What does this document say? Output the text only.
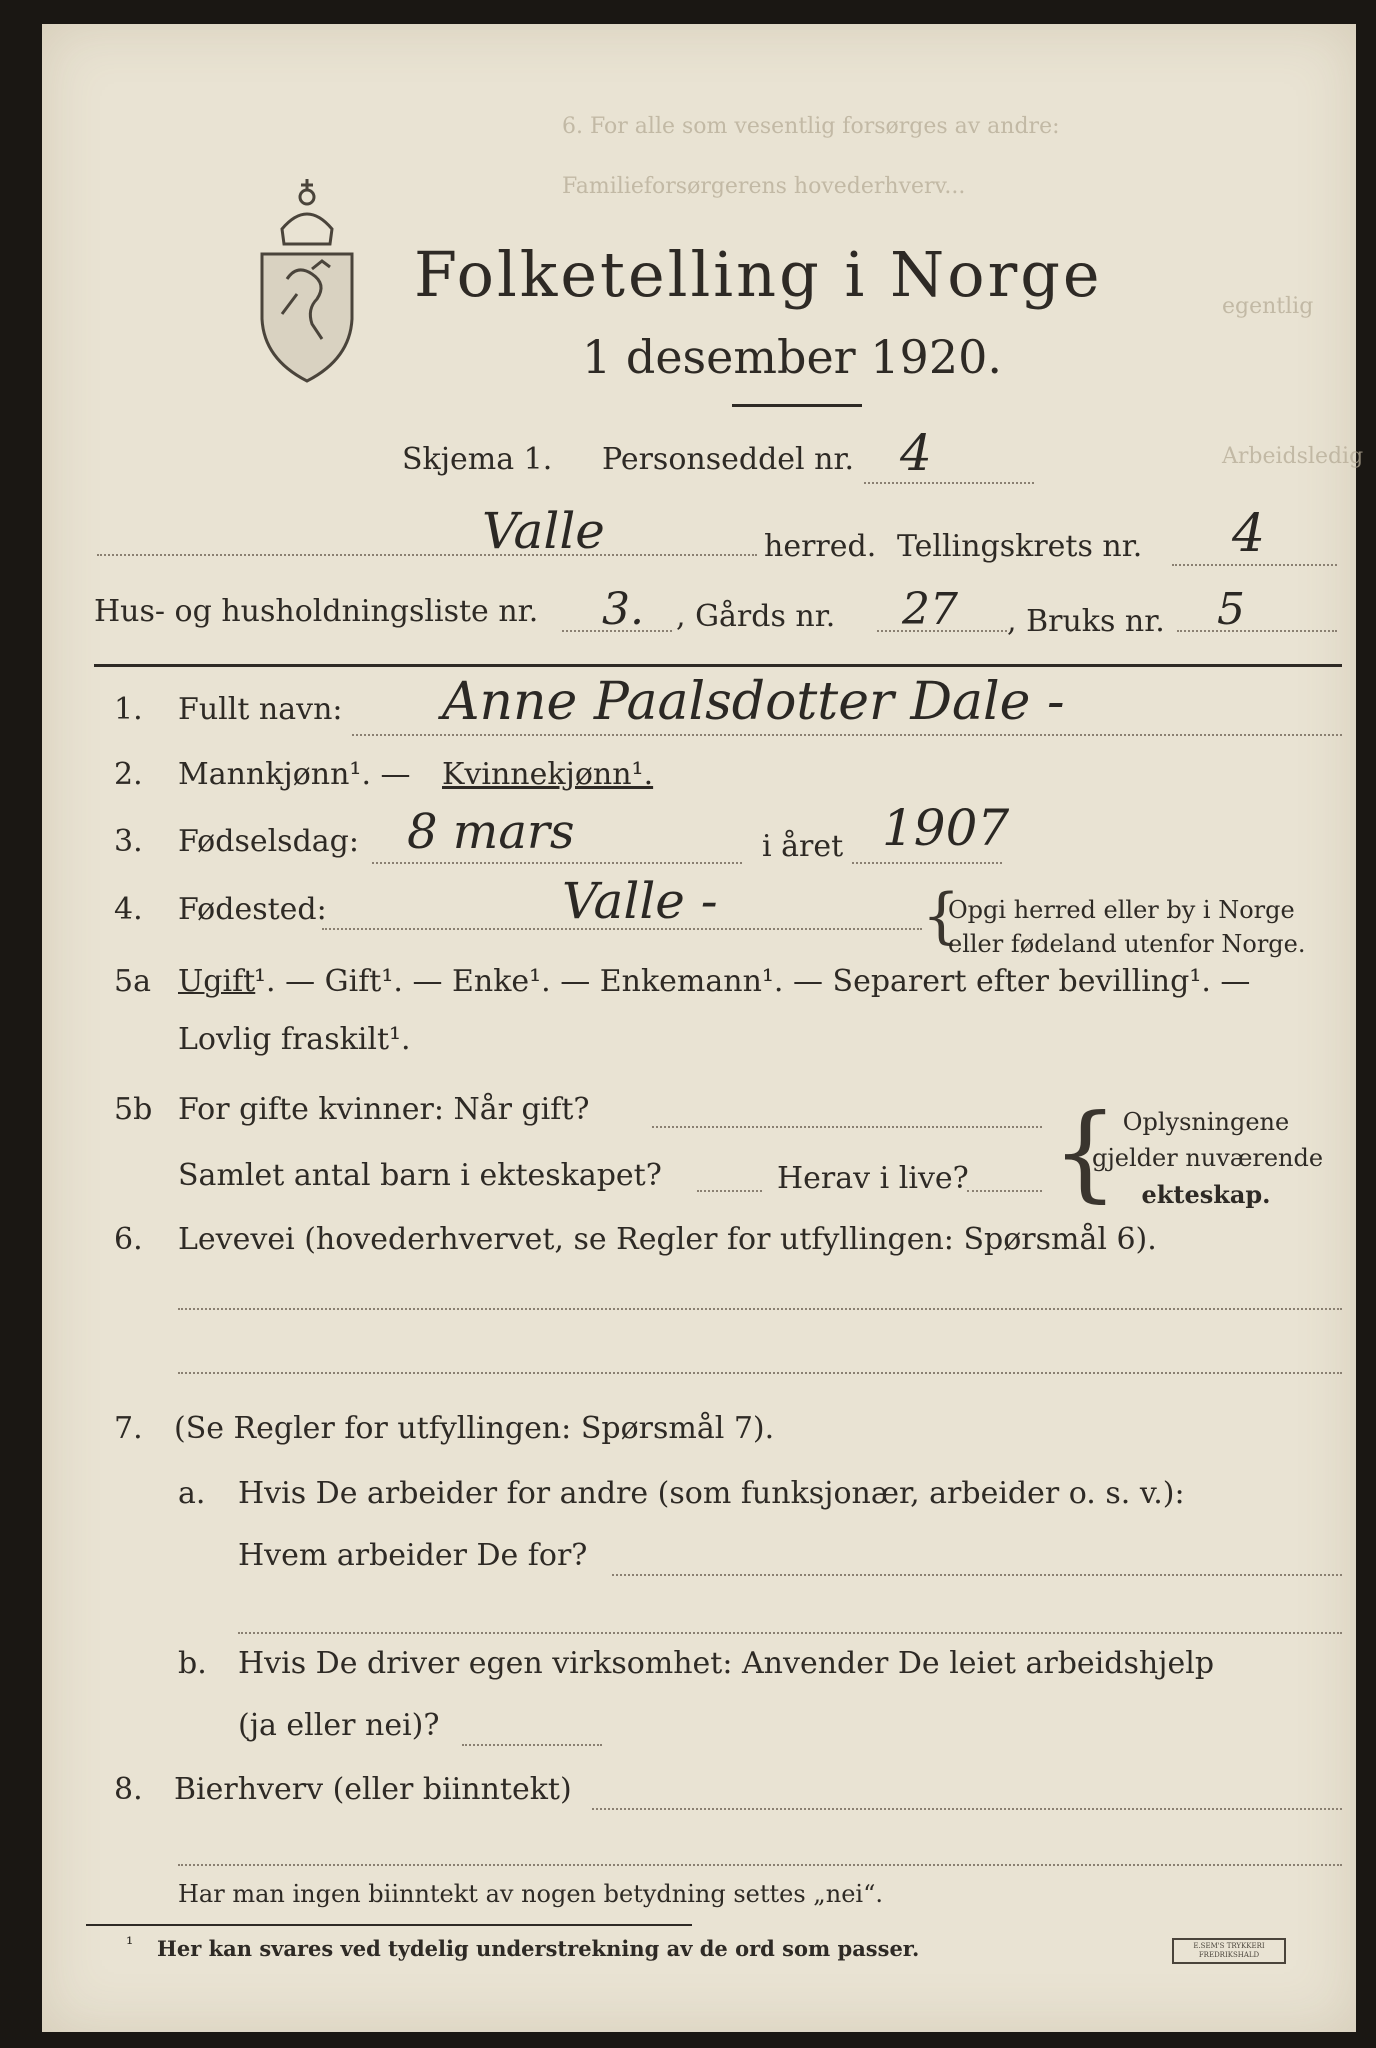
6. For alle som vesentlig forsørges av andre:
Familieforsørgerens hovederhverv...
egentlig
Arbeidsledig
Folketelling i Norge
1 desember 1920.
Skjema 1. Personseddel nr. 4
Valle	herred. Tellingskrets nr. 4
Hus- og husholdningsliste nr. 3. , Gårds nr. 27 , Bruks nr. 5
1. Fullt navn: Anne Paalsdotter Dale -
2. Mannkjønn¹. — Kvinnekjønn¹.
3. Fødselsdag: 8 mars	i året 1907
4. Fødested:	Valle -	{
Opgi herred eller by i Norge
eller fødeland utenfor Norge.
5a Ugift
¹. — Gift¹. — Enke¹. — Enkemann¹. — Separert efter bevilling¹. —
Lovlig fraskilt¹.
5b For gifte kvinner: Når gift?
Samlet antal barn i ekteskapet?	Herav i live? { Oplysningene
gjelder nuværende
ekteskap.
6. Levevei (hovederhvervet, se Regler for utfyllingen: Spørsmål 6).
7. (Se Regler for utfyllingen: Spørsmål 7).
a. Hvis De arbeider for andre (som funksjonær, arbeider o. s. v.):
Hvem arbeider De for?
b. Hvis De driver egen virksomhet: Anvender De leiet arbeidshjelp
(ja eller nei)?
8. Bierhverv (eller biinntekt)
Har man ingen biinntekt av nogen betydning settes „nei“.
¹ Her kan svares ved tydelig understrekning av de ord som passer.	E.SEM'S TRYKKERI FREDRIKSHALD
